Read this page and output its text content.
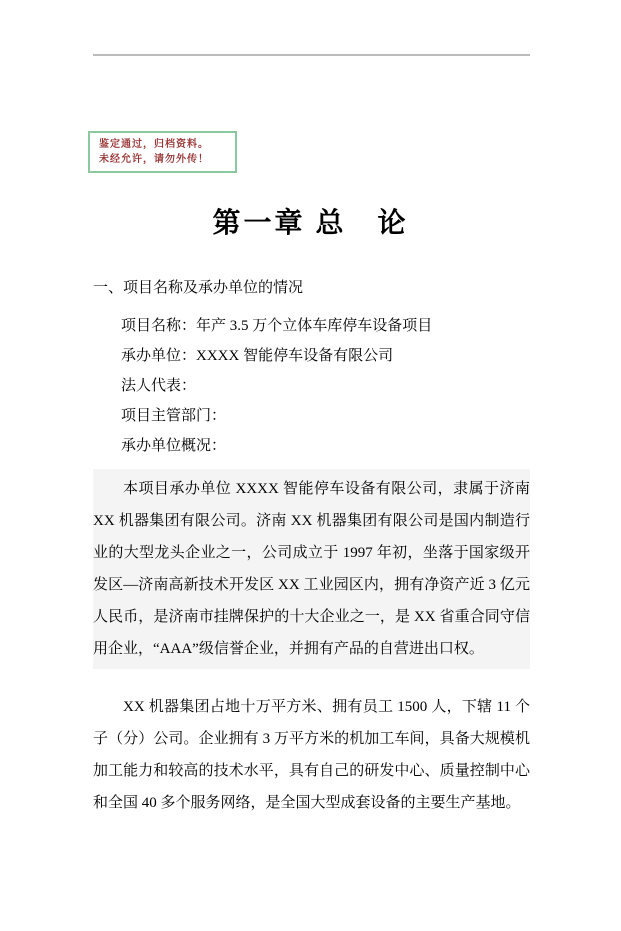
鉴定通过，归档资料。
未经允许，请勿外传！
第一章 总　论
一、项目名称及承办单位的情况
项目名称：年产 3.5 万个立体车库停车设备项目
承办单位：XXXX 智能停车设备有限公司
法人代表：
项目主管部门：
承办单位概况：
本项目承办单位 XXXX 智能停车设备有限公司，隶属于济南 XX 机器集团有限公司。济南 XX 机器集团有限公司是国内制造行业的大型龙头企业之一，公司成立于 1997 年初，坐落于国家级开发区—济南高新技术开发区 XX 工业园区内，拥有净资产近 3 亿元人民币，是济南市挂牌保护的十大企业之一，是 XX 省重合同守信用企业，“AAA”级信誉企业，并拥有产品的自营进出口权。
XX 机器集团占地十万平方米、拥有员工 1500 人，下辖 11 个子（分）公司。企业拥有 3 万平方米的机加工车间，具备大规模机加工能力和较高的技术水平，具有自己的研发中心、质量控制中心和全国 40 多个服务网络，是全国大型成套设备的主要生产基地。
